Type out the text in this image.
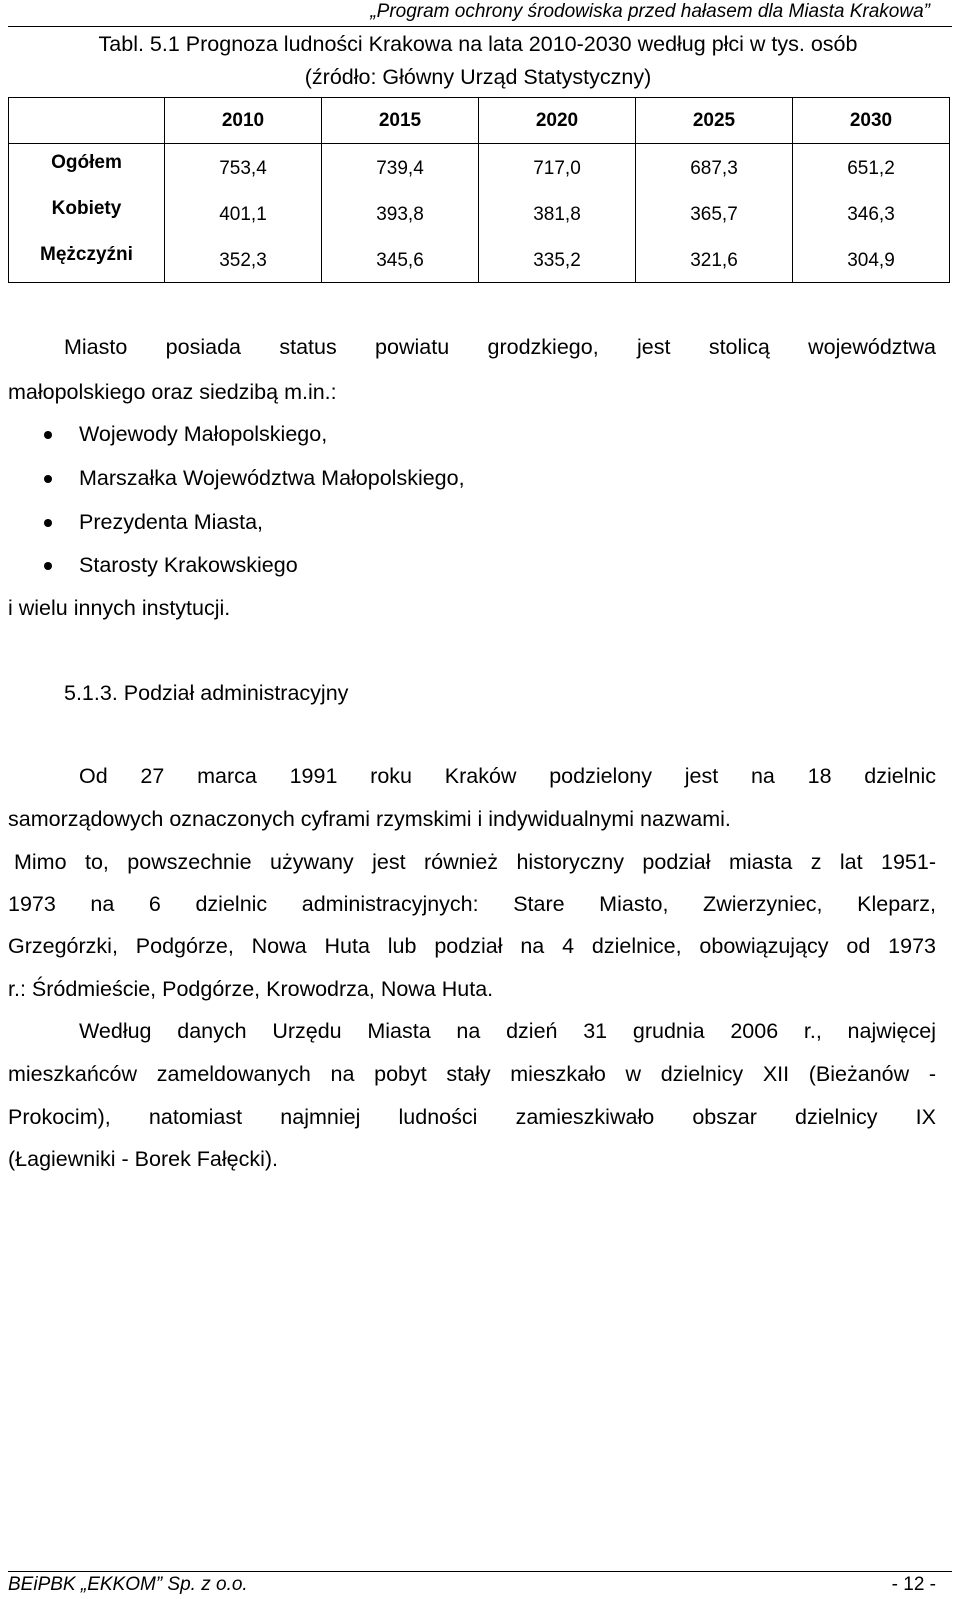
„Program ochrony środowiska przed hałasem dla Miasta Krakowa”
Tabl. 5.1 Prognoza ludności Krakowa na lata 2010-2030 według płci w tys. osób
(źródło: Główny Urząd Statystyczny)
	2010	2015	2020	2025	2030
Ogółem	753,4	739,4	717,0	687,3	651,2
Kobiety	401,1	393,8	381,8	365,7	346,3
Mężczyźni	352,3	345,6	335,2	321,6	304,9
Miasto posiada status powiatu grodzkiego, jest stolicą województwa
małopolskiego oraz siedzibą m.in.:
Wojewody Małopolskiego,
Marszałka Województwa Małopolskiego,
Prezydenta Miasta,
Starosty Krakowskiego
i wielu innych instytucji.
5.1.3. Podział administracyjny
Od 27 marca 1991 roku Kraków podzielony jest na 18 dzielnic
samorządowych oznaczonych cyframi rzymskimi i indywidualnymi nazwami.
Mimo to, powszechnie używany jest również historyczny podział miasta z lat 1951-
1973 na 6 dzielnic administracyjnych: Stare Miasto, Zwierzyniec, Kleparz,
Grzegórzki, Podgórze, Nowa Huta lub podział na 4 dzielnice, obowiązujący od 1973
r.: Śródmieście, Podgórze, Krowodrza, Nowa Huta.
Według danych Urzędu Miasta na dzień 31 grudnia 2006 r., najwięcej
mieszkańców zameldowanych na pobyt stały mieszkało w dzielnicy XII (Bieżanów -
Prokocim), natomiast najmniej ludności zamieszkiwało obszar dzielnicy IX
(Łagiewniki - Borek Fałęcki).
BEiPBK „EKKOM” Sp. z o.o.	- 12 -
